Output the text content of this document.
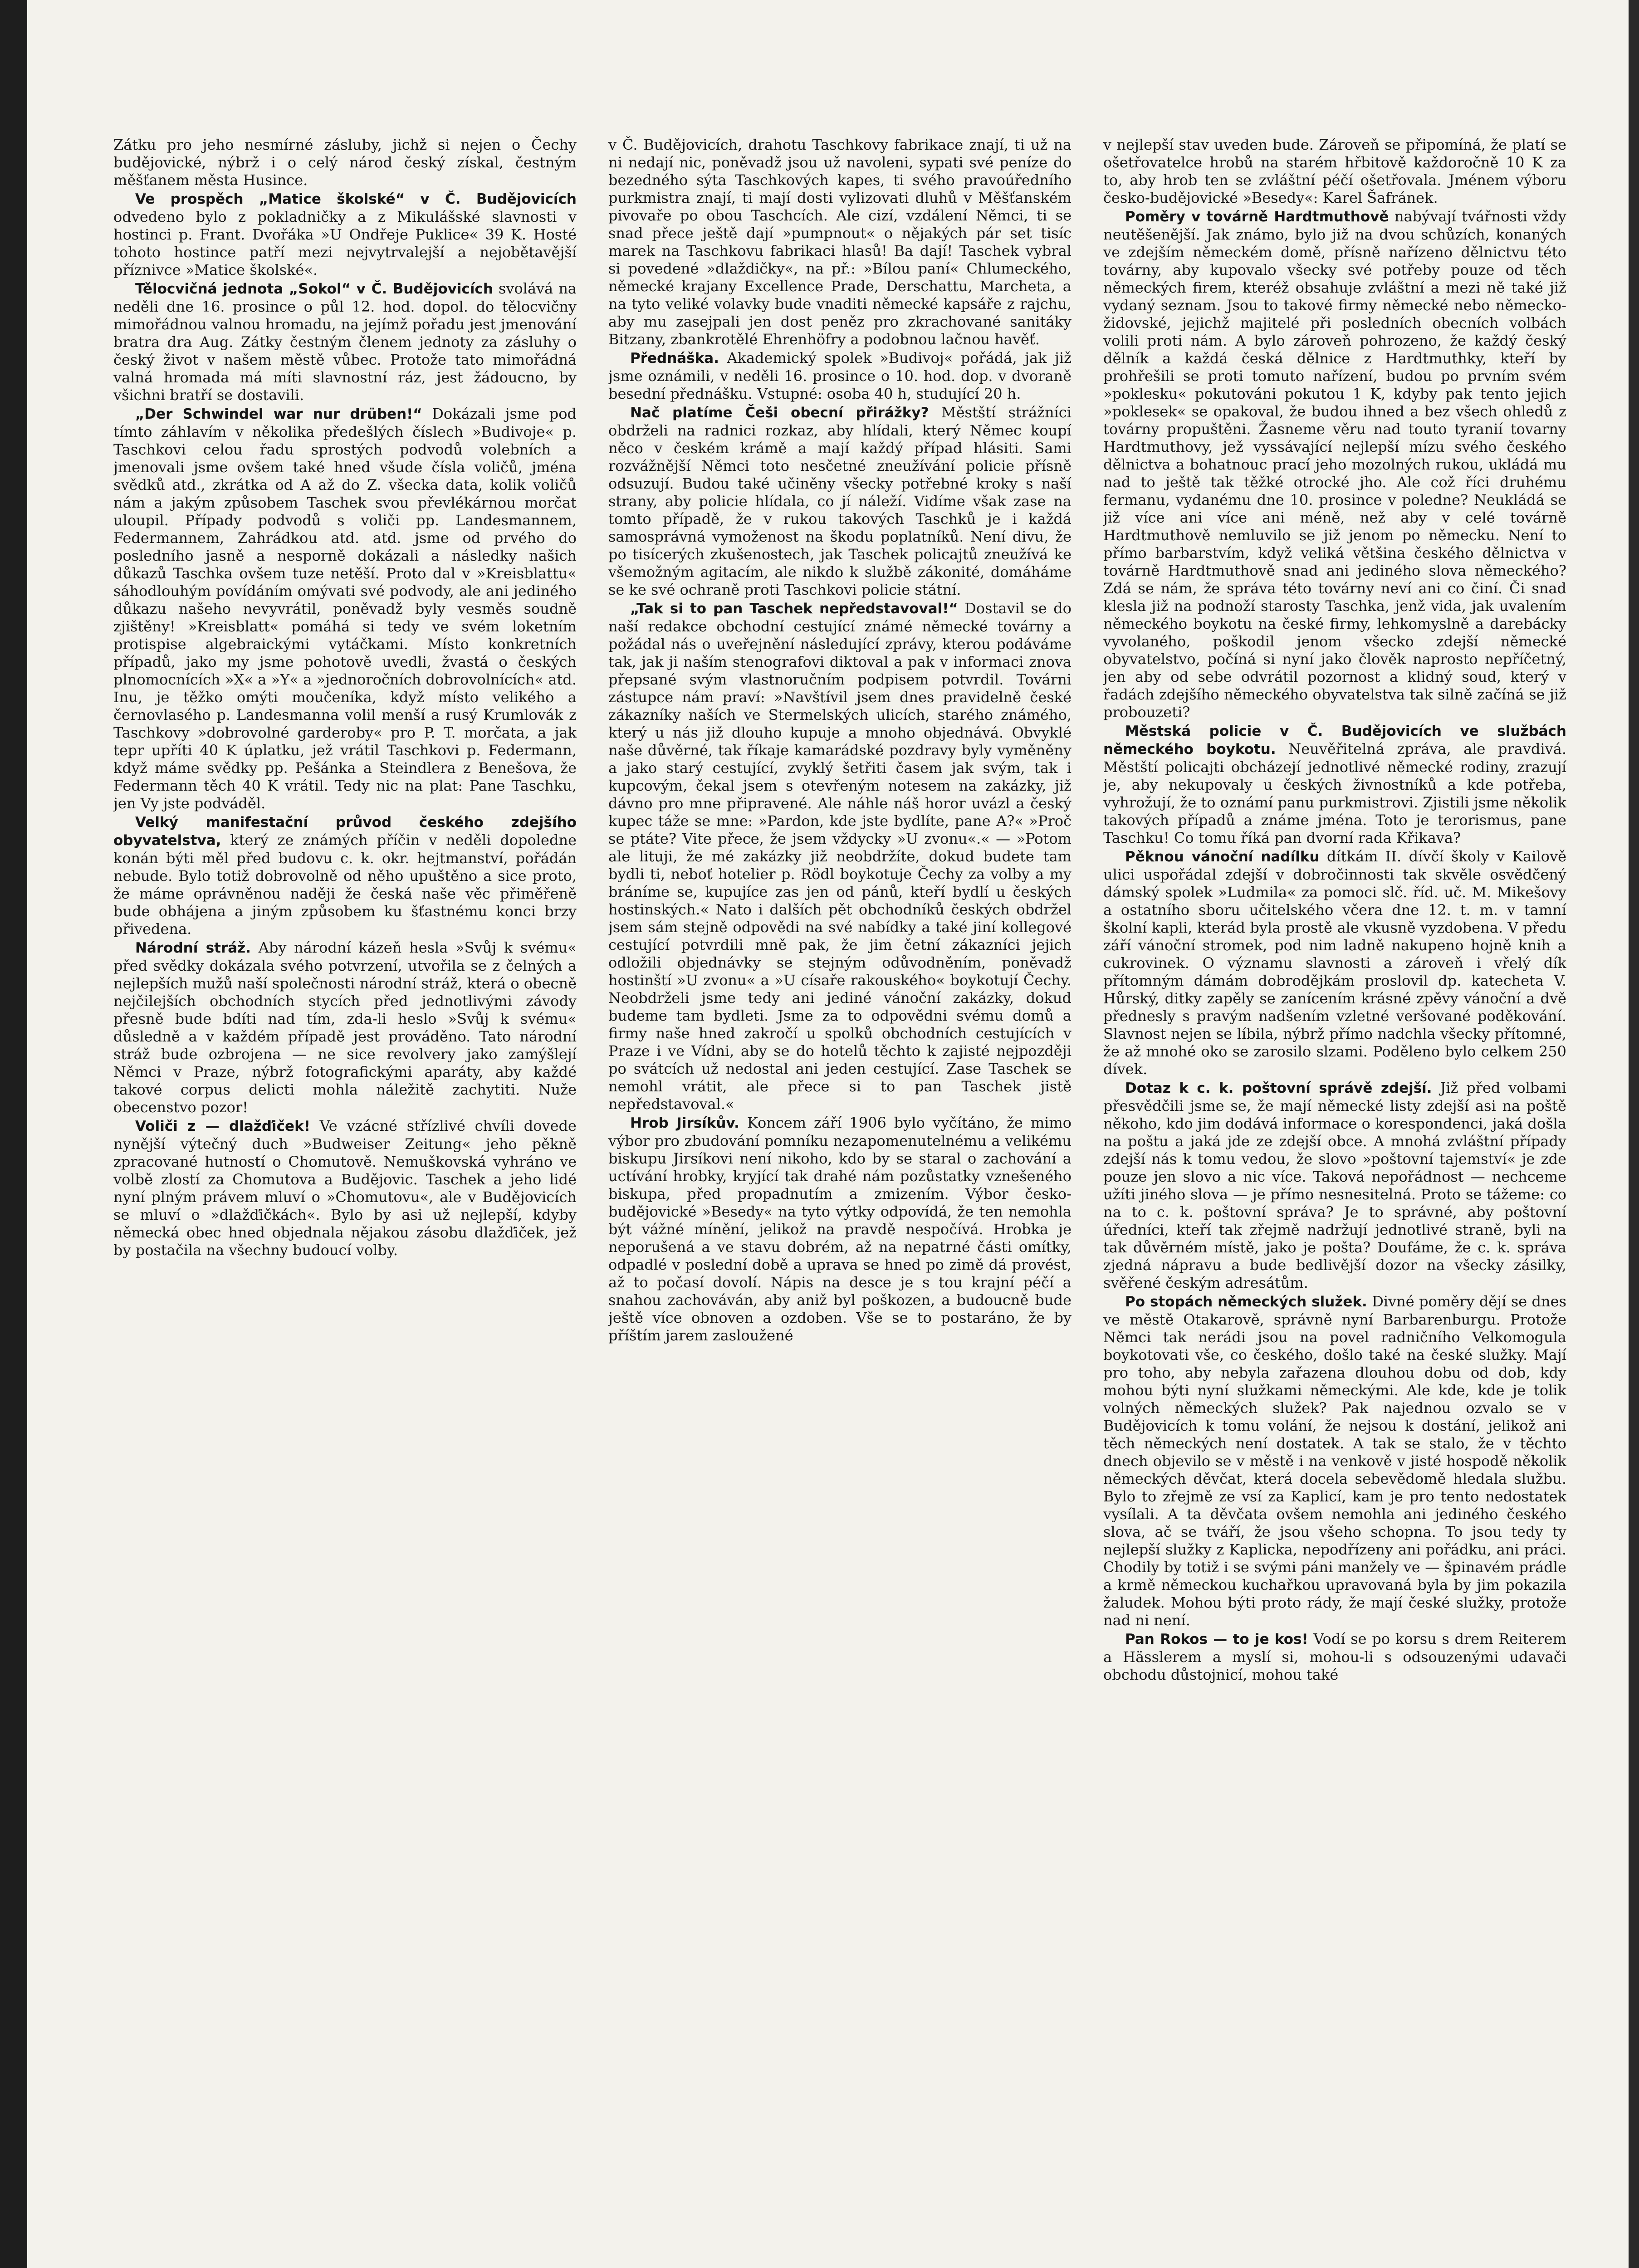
Zátku pro jeho nesmírné zásluby, jichž si nejen o Čechy budějovické, nýbrž i o celý národ český získal, čestným měšťanem města Husince.

Ve prospěch „Matice školské“ v Č. Budějovicích odvedeno bylo z pokladničky a z Mikulášské slavnosti v hostinci p. Frant. Dvořáka »U Ondřeje Puklice« 39 K. Hosté tohoto hostince patří mezi nejvytrvalejší a nejobětavější příznivce »Matice školské«.

Tělocvičná jednota „Sokol“ v Č. Budějovicích svolává na neděli dne 16. prosince o půl 12. hod. dopol. do tělocvičny mimořádnou valnou hromadu, na jejímž pořadu jest jmenování bratra dra Aug. Zátky čestným členem jednoty za zásluhy o český život v našem městě vůbec. Protože tato mimořádná valná hromada má míti slavnostní ráz, jest žádoucno, by všichni bratří se dostavili.

„Der Schwindel war nur drüben!“ Dokázali jsme pod tímto záhlavím v několika předešlých číslech »Budivoje« p. Taschkovi celou řadu sprostých podvodů volebních a jmenovali jsme ovšem také hned všude čísla voličů, jména svědků atd., zkrátka od A až do Z. všecka data, kolik voličů nám a jakým způsobem Taschek svou převlékárnou morčat uloupil. Případy podvodů s voliči pp. Landesmannem, Federmannem, Zahrádkou atd. atd. jsme od prvého do posledního jasně a nesporně dokázali a následky našich důkazů Taschka ovšem tuze netěší. Proto dal v »Kreisblattu« sáhodlouhým povídáním omývati své podvody, ale ani jediného důkazu našeho nevyvrátil, poněvadž byly vesměs soudně zjištěny! »Kreisblatt« pomáhá si tedy ve svém loketním protispise algebraickými vytáčkami. Místo konkretních případů, jako my jsme pohotově uvedli, žvastá o českých plnomocnících »X« a »Y« a »jednoročních dobrovolnících« atd. Inu, je těžko omýti moučeníka, když místo velikého a černovlasého p. Landesmanna volil menší a rusý Krumlovák z Taschkovy »dobrovolné garderoby« pro P. T. morčata, a jak tepr upříti 40 K úplatku, jež vrátil Taschkovi p. Federmann, když máme svědky pp. Pešánka a Steindlera z Benešova, že Federmann těch 40 K vrátil. Tedy nic na plat: Pane Taschku, jen Vy jste podváděl.

Velký manifestační průvod českého zdejšího obyvatelstva, který ze známých příčin v neděli dopoledne konán býti měl před budovu c. k. okr. hejtmanství, pořádán nebude. Bylo totiž dobrovolně od něho upuštěno a sice proto, že máme oprávněnou naději že česká naše věc přiměřeně bude obhájena a jiným způsobem ku šťastnému konci brzy přivedena.

Národní stráž. Aby národní kázeň hesla »Svůj k svému« před svědky dokázala svého potvrzení, utvořila se z čelných a nejlepších mužů naší společnosti národní stráž, která o obecně nejčilejších obchodních stycích před jednotlivými závody přesně bude bdíti nad tím, zda-li heslo »Svůj k svému« důsledně a v každém případě jest prováděno. Tato národní stráž bude ozbrojena — ne sice revolvery jako zamýšlejí Němci v Praze, nýbrž fotografickými aparáty, aby každé takové corpus delicti mohla náležitě zachytiti. Nuže obecenstvo pozor!

Voliči z — dlažďiček! Ve vzácné střízlivé chvíli dovede nynější výtečný duch »Budweiser Zeitung« jeho pěkně zpracované hutností o Chomutově. Nemuškovská vyhráno ve volbě zlostí za Chomutova a Budějovic. Taschek a jeho lidé nyní plným právem mluví o »Chomutovu«, ale v Budějovicích se mluví o »dlažďičkách«. Bylo by asi už nejlepší, kdyby německá obec hned objednala nějakou zásobu dlažďiček, jež by postačila na všechny budoucí volby.

v Č. Budějovicích, drahotu Taschkovy fabrikace znají, ti už na ni nedají nic, poněvadž jsou už navoleni, sypati své peníze do bezedného sýta Taschkových kapes, ti svého pravoúředního purkmistra znají, ti mají dosti vylizovati dluhů v Měšťanském pivovaře po obou Taschcích. Ale cizí, vzdálení Němci, ti se snad přece ještě dají »pumpnout« o nějakých pár set tisíc marek na Taschkovu fabrikaci hlasů! Ba dají! Taschek vybral si povedené »dlaždičky«, na př.: »Bílou paní« Chlumeckého, německé krajany Excellence Prade, Derschattu, Marcheta, a na tyto veliké volavky bude vnaditi německé kapsáře z rajchu, aby mu zasejpali jen dost peněz pro zkrachované sanitáky Bitzany, zbankrotělé Ehrenhöfry a podobnou lačnou havěť.

Přednáška. Akademický spolek »Budivoj« pořádá, jak již jsme oznámili, v neděli 16. prosince o 10. hod. dop. v dvoraně besední přednášku. Vstupné: osoba 40 h, studující 20 h.

Nač platíme Češi obecní přirážky? Městští strážníci obdrželi na radnici rozkaz, aby hlídali, který Němec koupí něco v českém krámě a mají každý případ hlásiti. Sami rozvážnější Němci toto nesčetné zneužívání policie přísně odsuzují. Budou také učiněny všecky potřebné kroky s naší strany, aby policie hlídala, co jí náleží. Vidíme však zase na tomto případě, že v rukou takových Taschků je i každá samosprávná vymoženost na škodu poplatníků. Není divu, že po tisícerých zkušenostech, jak Taschek policajtů zneužívá ke všemožným agitacím, ale nikdo k službě zákonité, domáháme se ke své ochraně proti Taschkovi policie státní.

„Tak si to pan Taschek nepředstavoval!“ Dostavil se do naší redakce obchodní cestující známé německé továrny a požádal nás o uveřejnění následující zprávy, kterou podáváme tak, jak ji naším stenografovi diktoval a pak v informaci znova přepsané svým vlastnoručním podpisem potvrdil. Továrni zástupce nám praví: »Navštívil jsem dnes pravidelně české zákazníky naších ve Stermelských ulicích, starého známého, který u nás již dlouho kupuje a mnoho objednává. Obvyklé naše důvěrné, tak říkaje kamarádské pozdravy byly vyměněny a jako starý cestující, zvyklý šetřiti časem jak svým, tak i kupcovým, čekal jsem s otevřeným notesem na zakázky, již dávno pro mne připravené. Ale náhle náš horor uvázl a český kupec táže se mne: »Pardon, kde jste bydlíte, pane A?« »Proč se ptáte? Vite přece, že jsem vždycky »U zvonu«.« — »Potom ale lituji, že mé zakázky již neobdržíte, dokud budete tam bydli ti, neboť hotelier p. Rödl boykotuje Čechy za volby a my bráníme se, kupujíce zas jen od pánů, kteří bydlí u českých hostinských.« Nato i dalších pět obchodníků českých obdržel jsem sám stejně odpovědi na své nabídky a také jiní kollegové cestující potvrdili mně pak, že jim četní zákazníci jejich odložili objednávky se stejným odůvodněním, poněvadž hostinští »U zvonu« a »U císaře rakouského« boykotují Čechy. Neobdrželi jsme tedy ani jediné vánoční zakázky, dokud budeme tam bydleti. Jsme za to odpovědni svému domů a firmy naše hned zakročí u spolků obchodních cestujících v Praze i ve Vídni, aby se do hotelů těchto k zajisté nejpozději po svátcích už nedostal ani jeden cestující. Zase Taschek se nemohl vrátit, ale přece si to pan Taschek jistě nepředstavoval.«

Hrob Jirsíkův. Koncem září 1906 bylo vyčítáno, že mimo výbor pro zbudování pomníku nezapomenutelnému a velikému biskupu Jirsíkovi není nikoho, kdo by se staral o zachování a uctívání hrobky, kryjící tak drahé nám pozůstatky vznešeného biskupa, před propadnutím a zmizením. Výbor česko-budějovické »Besedy« na tyto výtky odpovídá, že ten nemohla být vážné mínění, jelikož na pravdě nespočívá. Hrobka je neporušená a ve stavu dobrém, až na nepatrné části omítky, odpadlé v poslední době a uprava se hned po zimě dá provést, až to počasí dovolí. Nápis na desce je s tou krajní péčí a snahou zachováván, aby aniž byl poškozen, a budoucně bude ještě více obnoven a ozdoben. Vše se to postaráno, že by příštím jarem zasloužené

v nejlepší stav uveden bude. Zároveň se připomíná, že platí se ošetřovatelce hrobů na starém hřbitově každoročně 10 K za to, aby hrob ten se zvláštní péčí ošetřovala. Jménem výboru česko-budějovické »Besedy«: Karel Šafránek.

Poměry v továrně Hardtmuthově nabývají tvářnosti vždy neutěšenější. Jak známo, bylo již na dvou schůzích, konaných ve zdejším německém domě, přísně nařízeno dělnictvu této továrny, aby kupovalo všecky své potřeby pouze od těch německých firem, kteréž obsahuje zvláštní a mezi ně také již vydaný seznam. Jsou to takové firmy německé nebo německo-židovské, jejichž majitelé při posledních obecních volbách volili proti nám. A bylo zároveň pohrozeno, že každý český dělník a každá česká dělnice z Hardtmuthky, kteří by prohřešili se proti tomuto nařízení, budou po prvním svém »poklesku« pokutováni pokutou 1 K, kdyby pak tento jejich »poklesek« se opakoval, že budou ihned a bez všech ohledů z továrny propuštěni. Žasneme věru nad touto tyranií tovarny Hardtmuthovy, jež vyssávající nejlepší mízu svého českého dělnictva a bohatnouc prací jeho mozolných rukou, ukládá mu nad to ještě tak těžké otrocké jho. Ale což říci druhému fermanu, vydanému dne 10. prosince v poledne? Neukládá se již více ani více ani méně, než aby v celé továrně Hardtmuthově nemluvilo se již jenom po německu. Není to přímo barbarstvím, když veliká většina českého dělnictva v továrně Hardtmuthově snad ani jediného slova německého? Zdá se nám, že správa této továrny neví ani co činí. Či snad klesla již na podnoží starosty Taschka, jenž vida, jak uvalením německého boykotu na české firmy, lehkomyslně a darebácky vyvolaného, poškodil jenom všecko zdejší německé obyvatelstvo, počíná si nyní jako člověk naprosto nepříčetný, jen aby od sebe odvrátil pozornost a klidný soud, který v řadách zdejšího německého obyvatelstva tak silně začíná se již probouzeti?

Městská policie v Č. Budějovicích ve službách německého boykotu. Neuvěřitelná zpráva, ale pravdivá. Městští policajti obcházejí jednotlivé německé rodiny, zrazují je, aby nekupovaly u českých živnostníků a kde potřeba, vyhrožují, že to oznámí panu purkmistrovi. Zjistili jsme několik takových případů a známe jména. Toto je terorismus, pane Taschku! Co tomu říká pan dvorní rada Křikava?

Pěknou vánoční nadílku dítkám II. dívčí školy v Kailově ulici uspořádal zdejší v dobročinnosti tak skvěle osvědčený dámský spolek »Ludmila« za pomoci slč. říd. uč. M. Mikešovy a ostatního sboru učitelského včera dne 12. t. m. v tamní školní kapli, kterád byla prostě ale vkusně vyzdobena. V předu září vánoční stromek, pod nim ladně nakupeno hojně knih a cukrovinek. O významu slavnosti a zároveň i vřelý dík přítomným dámám dobrodějkám proslovil dp. katecheta V. Hůrský, ditky zapěly se zanícením krásné zpěvy vánoční a dvě přednesly s pravým nadšením vzletné veršované poděkování. Slavnost nejen se líbila, nýbrž přímo nadchla všecky přítomné, že až mnohé oko se zarosilo slzami. Poděleno bylo celkem 250 dívek.

Dotaz k c. k. poštovní správě zdejší. Již před volbami přesvědčili jsme se, že mají německé listy zdejší asi na poště někoho, kdo jim dodává informace o korespondenci, jaká došla na poštu a jaká jde ze zdejší obce. A mnohá zvláštní případy zdejší nás k tomu vedou, že slovo »poštovní tajemství« je zde pouze jen slovo a nic více. Taková nepořádnost — nechceme užíti jiného slova — je přímo nesnesitelná. Proto se tážeme: co na to c. k. poštovní správa? Je to správné, aby poštovní úředníci, kteří tak zřejmě nadržují jednotlivé straně, byli na tak důvěrném místě, jako je pošta? Doufáme, že c. k. správa zjedná nápravu a bude bedlivější dozor na všecky zásilky, svěřené českým adresátům.

Po stopách německých služek. Divné poměry dějí se dnes ve městě Otakarově, správně nyní Barbarenburgu. Protože Němci tak nerádi jsou na povel radničního Velkomogula boykotovati vše, co českého, došlo také na české služky. Mají pro toho, aby nebyla zařazena dlouhou dobu od dob, kdy mohou býti nyní služkami německými. Ale kde, kde je tolik volných německých služek? Pak najednou ozvalo se v Budějovicích k tomu volání, že nejsou k dostání, jelikož ani těch německých není dostatek. A tak se stalo, že v těchto dnech objevilo se v městě i na venkově v jisté hospodě několik německých děvčat, která docela sebevědomě hledala službu. Bylo to zřejmě ze vsí za Kaplicí, kam je pro tento nedostatek vysílali. A ta děvčata ovšem nemohla ani jediného českého slova, ač se tváří, že jsou všeho schopna. To jsou tedy ty nejlepší služky z Kaplicka, nepodřízeny ani pořádku, ani práci. Chodily by totiž i se svými páni manžely ve — špinavém prádle a krmě německou kuchařkou upravovaná byla by jim pokazila žaludek. Mohou býti proto rády, že mají české služky, protože nad ni není.

Pan Rokos — to je kos! Vodí se po korsu s drem Reiterem a Hässlerem a myslí si, mohou-li s odsouzenými udavači obchodu důstojnicí, mohou také
